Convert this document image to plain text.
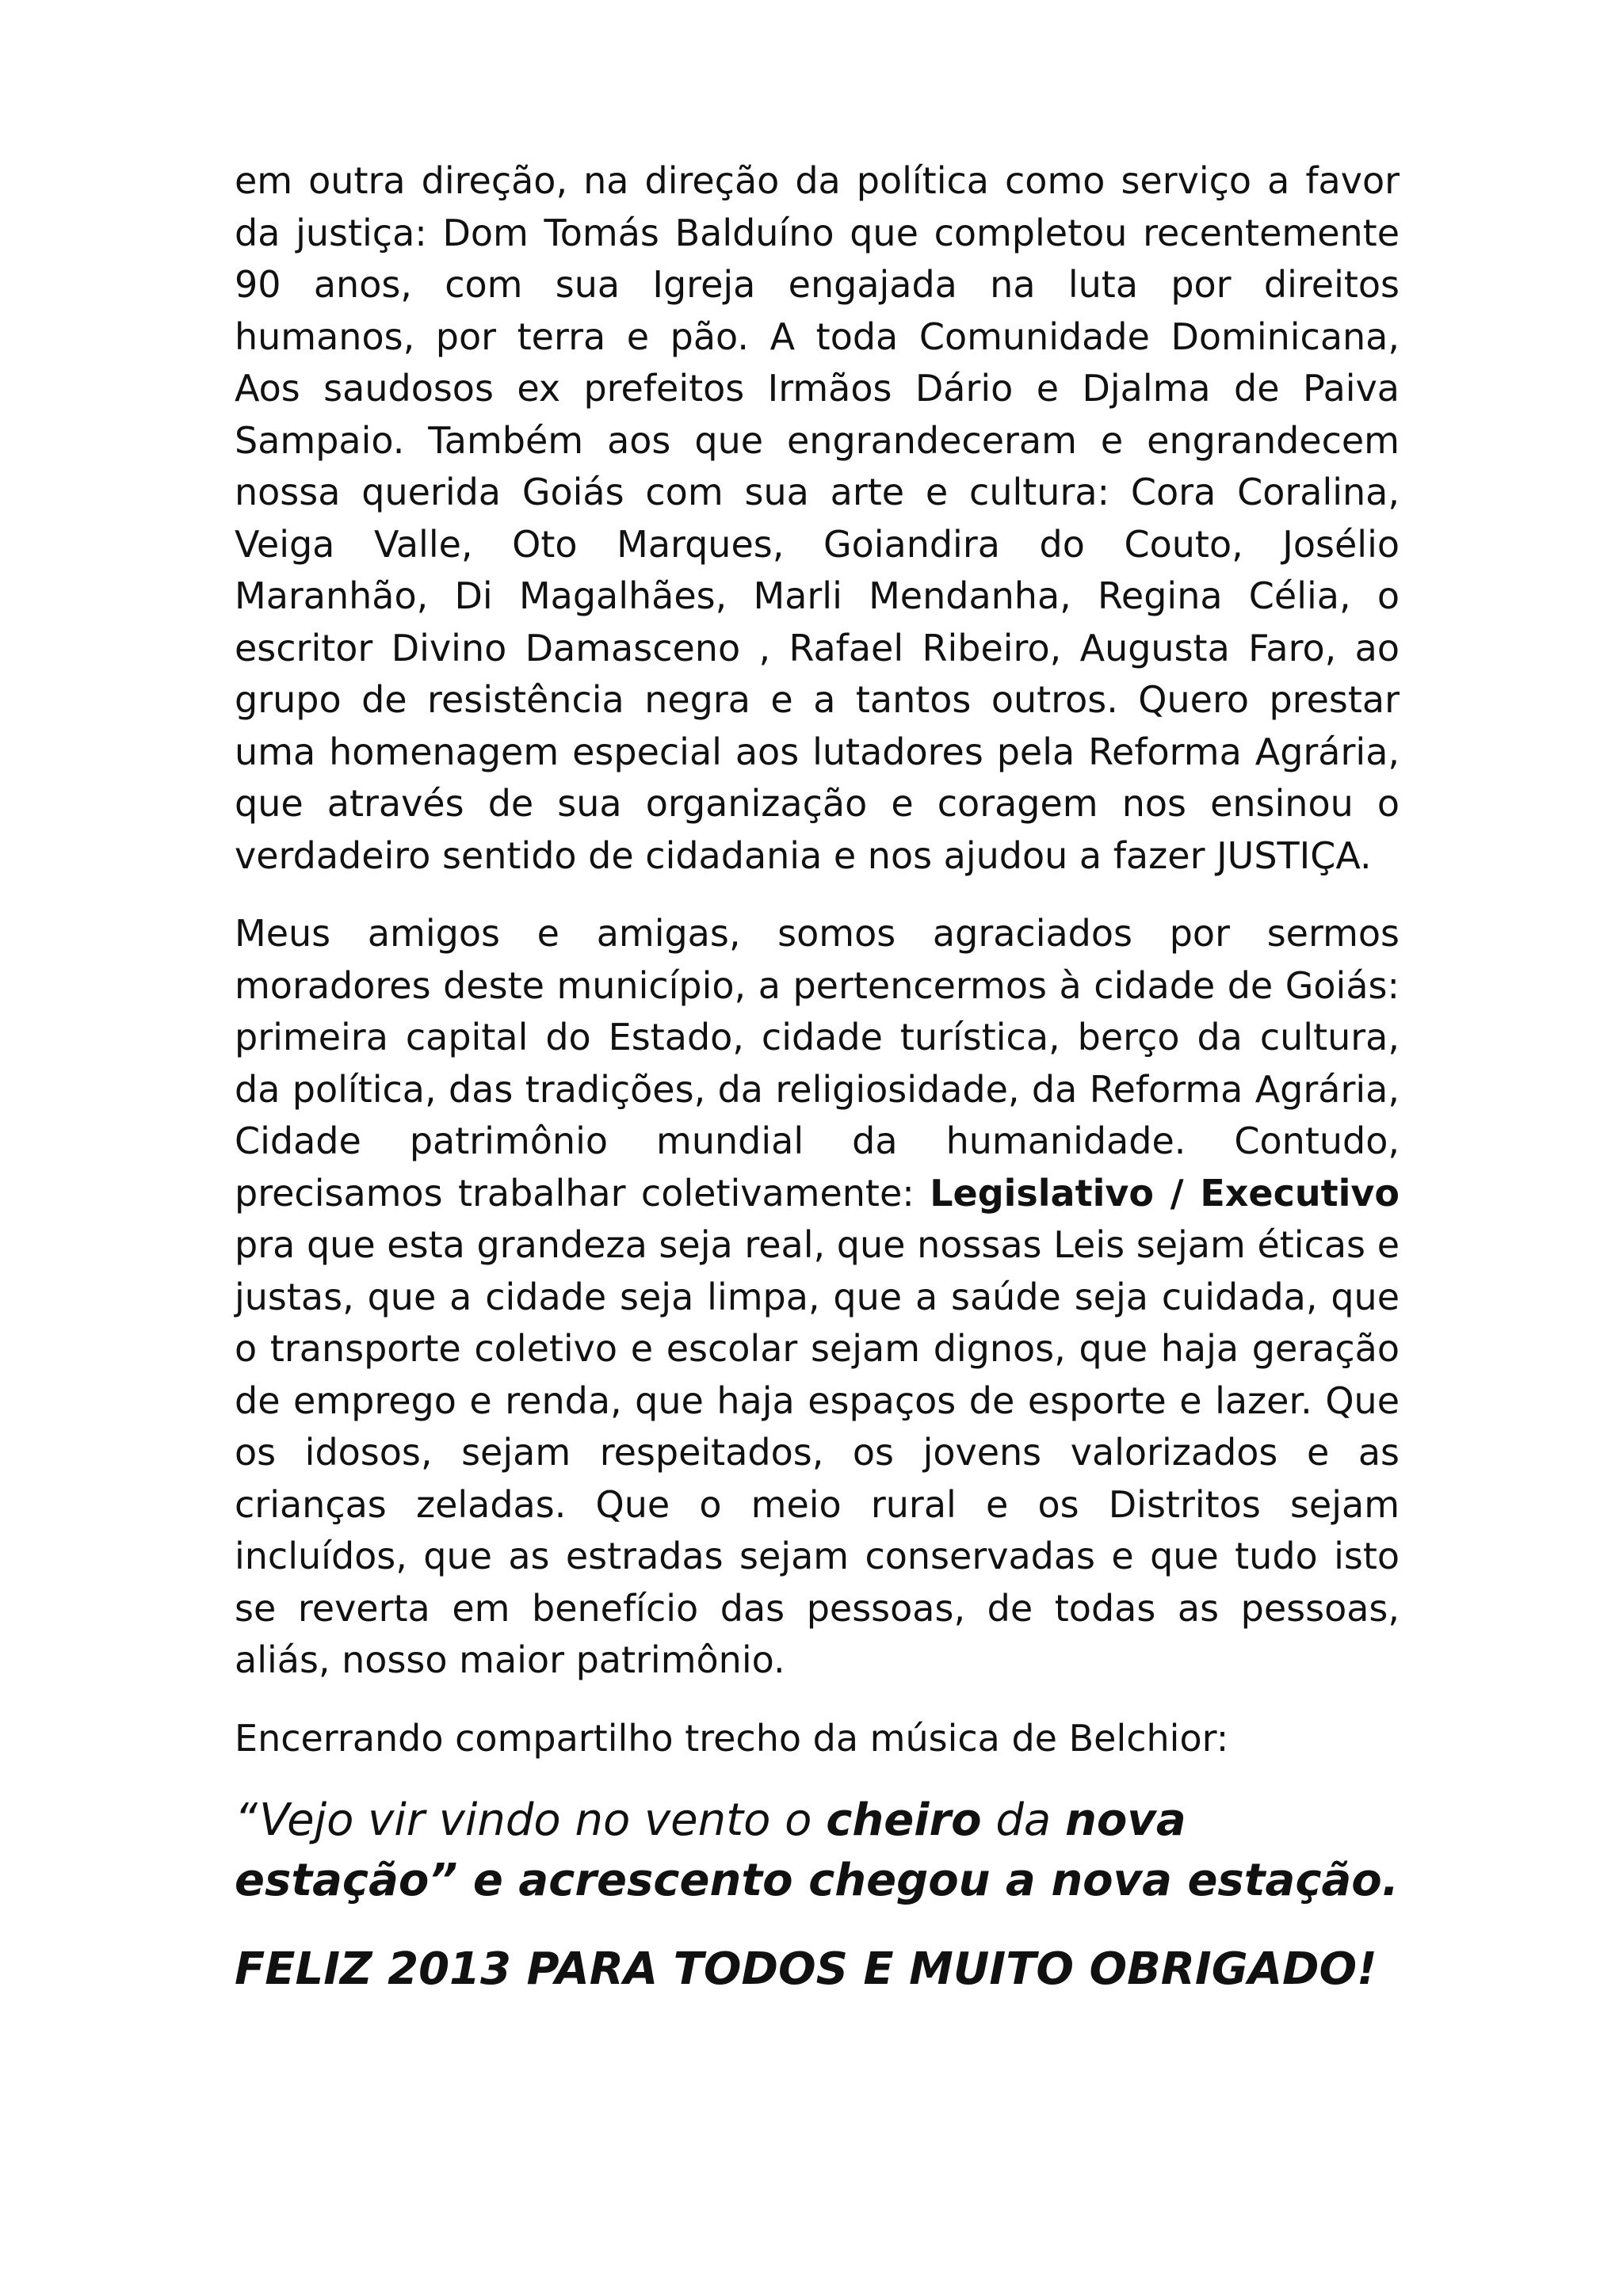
em outra direção, na direção da política como serviço a favor da justiça: Dom Tomás Balduíno que completou recentemente 90 anos, com sua Igreja engajada na luta por direitos humanos, por terra e pão. A toda Comunidade Dominicana, Aos saudosos ex prefeitos Irmãos Dário e Djalma de Paiva Sampaio. Também aos que engrandeceram e engrandecem nossa querida Goiás com sua arte e cultura: Cora Coralina, Veiga Valle, Oto Marques, Goiandira do Couto, Josélio Maranhão, Di Magalhães, Marli Mendanha, Regina Célia, o escritor Divino Damasceno , Rafael Ribeiro, Augusta Faro, ao grupo de resistência negra e a tantos outros. Quero prestar uma homenagem especial aos lutadores pela Reforma Agrária, que através de sua organização e coragem nos ensinou o verdadeiro sentido de cidadania e nos ajudou a fazer JUSTIÇA.

Meus amigos e amigas, somos agraciados por sermos moradores deste município, a pertencermos à cidade de Goiás: primeira capital do Estado, cidade turística, berço da cultura, da política, das tradições, da religiosidade, da Reforma Agrária, Cidade patrimônio mundial da humanidade. Contudo, precisamos trabalhar coletivamente: Legislativo / Executivo pra que esta grandeza seja real, que nossas Leis sejam éticas e justas, que a cidade seja limpa, que a saúde seja cuidada, que o transporte coletivo e escolar sejam dignos, que haja geração de emprego e renda, que haja espaços de esporte e lazer. Que os idosos, sejam respeitados, os jovens valorizados e as crianças zeladas. Que o meio rural e os Distritos sejam incluídos, que as estradas sejam conservadas e que tudo isto se reverta em benefício das pessoas, de todas as pessoas, aliás, nosso maior patrimônio.

Encerrando compartilho trecho da música de Belchior:

“Vejo vir vindo no vento o cheiro da nova estação” e acrescento chegou a nova estação.

FELIZ 2013 PARA TODOS E MUITO OBRIGADO!
